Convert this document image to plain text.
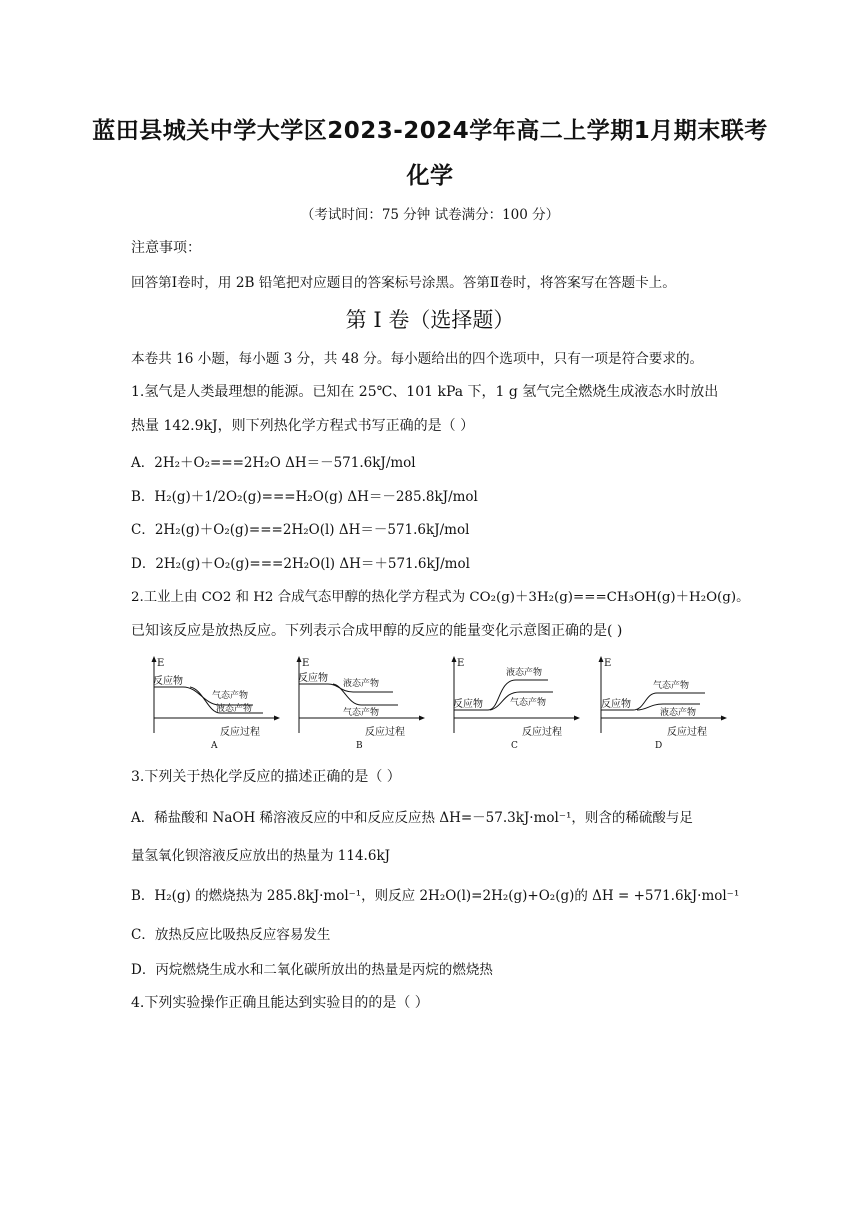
蓝田县城关中学大学区2023-2024学年高二上学期1月期末联考
化学
（考试时间：75 分钟 试卷满分：100 分）
注意事项：
回答第Ⅰ卷时，用 2B 铅笔把对应题目的答案标号涂黑。答第Ⅱ卷时，将答案写在答题卡上。
第 I 卷（选择题）
本卷共 16 小题，每小题 3 分，共 48 分。每小题给出的四个选项中，只有一项是符合要求的。
1.氢气是人类最理想的能源。已知在 25℃、101 kPa 下，1 g 氢气完全燃烧生成液态水时放出
热量 142.9kJ，则下列热化学方程式书写正确的是（ ）
A．2H₂＋O₂===2H₂O ΔH＝－571.6kJ/mol
B．H₂(g)＋1/2O₂(g)===H₂O(g) ΔH＝－285.8kJ/mol
C．2H₂(g)＋O₂(g)===2H₂O(l) ΔH＝－571.6kJ/mol
D．2H₂(g)＋O₂(g)===2H₂O(l) ΔH＝＋571.6kJ/mol
2.工业上由 CO2 和 H2 合成气态甲醇的热化学方程式为 CO₂(g)＋3H₂(g)===CH₃OH(g)＋H₂O(g)。
已知该反应是放热反应。下列表示合成甲醇的反应的能量变化示意图正确的是( )
E
反应物
气态产物
液态产物
反应过程
A
E
反应物 液态产物
气态产物
反应过程
B
E
反应物
液态产物
气态产物
反应过程
C
E
反应物
气态产物
液态产物
反应过程
D
3.下列关于热化学反应的描述正确的是（ ）
A．稀盐酸和 NaOH 稀溶液反应的中和反应反应热 ΔH=－57.3kJ·mol⁻¹，则含的稀硫酸与足
量氢氧化钡溶液反应放出的热量为 114.6kJ
B．H₂(g) 的燃烧热为 285.8kJ·mol⁻¹，则反应 2H₂O(l)=2H₂(g)+O₂(g)的 ΔH = +571.6kJ·mol⁻¹
C．放热反应比吸热反应容易发生
D．丙烷燃烧生成水和二氧化碳所放出的热量是丙烷的燃烧热
4.下列实验操作正确且能达到实验目的的是（ ）
